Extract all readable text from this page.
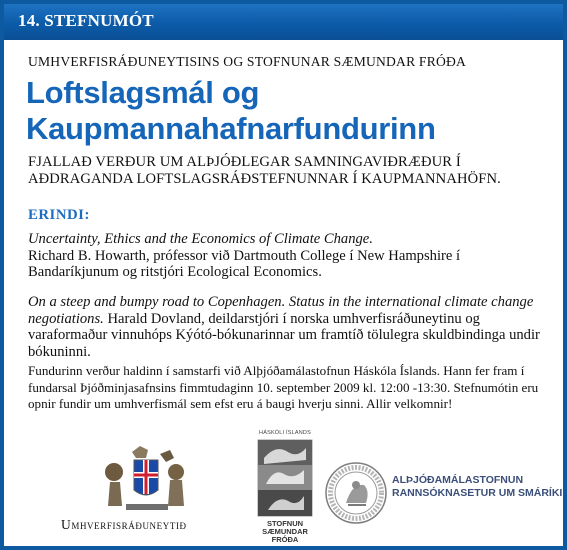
14. STEFNUMÓT
UMHVERFISRÁÐUNEYTISINS OG STOFNUNAR SÆMUNDAR FRÓÐA
Loftslagsmál og
Kaupmannahafnarfundurinn
FJALLAÐ VERÐUR UM ALÞJÓÐLEGAR SAMNINGAVIÐRÆÐUR Í AÐDRAGANDA LOFTSLAGSRÁÐSTEFNUNNAR Í KAUPMANNAHÖFN.
ERINDI:
Uncertainty, Ethics and the Economics of Climate Change.
Richard B. Howarth, prófessor við Dartmouth College í New Hampshire í Bandaríkjunum og ritstjóri Ecological Economics.
On a steep and bumpy road to Copenhagen. Status in the international climate change negotiations. Harald Dovland, deildarstjóri í norska umhverfisráðuneytinu og varaformaður vinnuhóps Kýótó-bókunarinnar um framtíð tölulegra skuldbindinga undir bókuninni.
Fundurinn verður haldinn í samstarfi við Alþjóðamálastofnun Háskóla Íslands. Hann fer fram í fundarsal Þjóðminjasafnsins fimmtudaginn 10. september 2009 kl. 12:00 -13:30. Stefnumótin eru opnir fundir um umhverfismál sem efst eru á baugi hverju sinni. Allir velkomnir!
Umhverfisráðuneytið
HÁSKÓLI ÍSLANDS
STOFNUN
SÆMUNDAR
FRÓÐA
ALÞJÓÐAMÁLASTOFNUN
RANNSÓKNASETUR UM SMÁRÍKI
